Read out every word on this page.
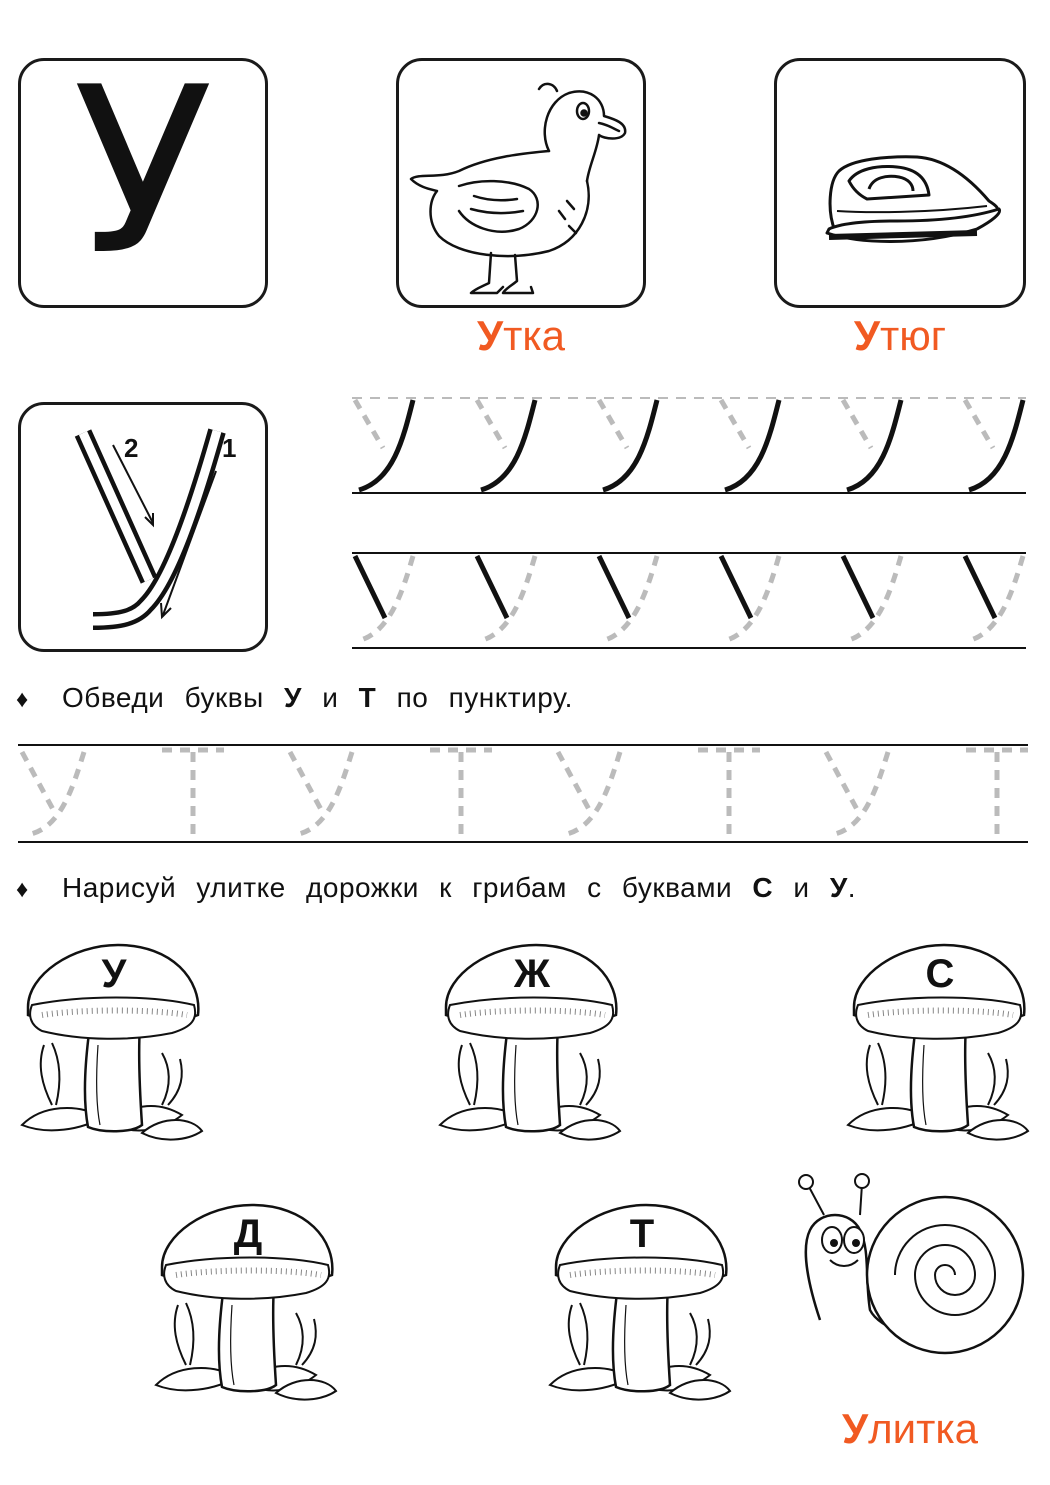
У
Утка	Утюг
2	1
♦ Обведи буквы У и Т по пунктиру.
♦ Нарисуй улитке дорожки к грибам с буквами С и У.
У	Ж	С
Д	Т
Улитка
